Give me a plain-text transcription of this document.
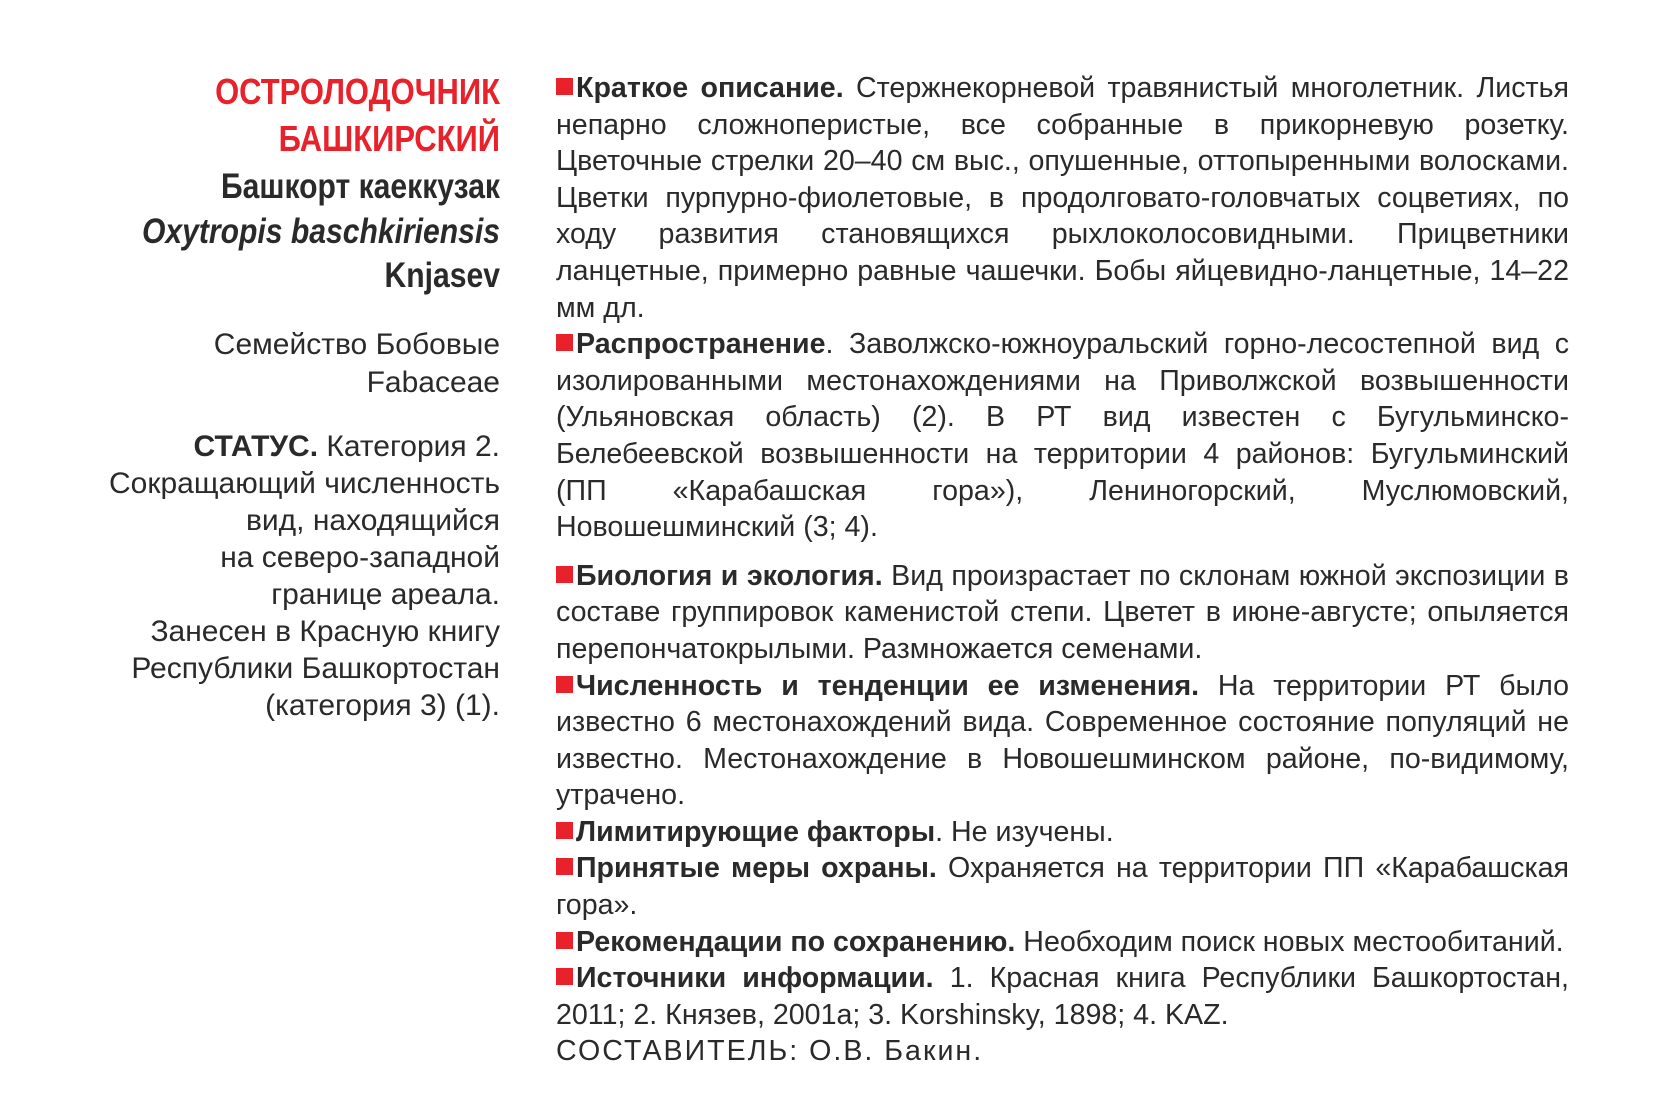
ОСТРОЛОДОЧНИК
БАШКИРСКИЙ
Башкорт каеккузак
Oxytropis baschkiriensis
Knjasev
Семейство Бобовые
Fabaceae
СТАТУС. Категория 2.
Сокращающий численность
вид, находящийся
на северо-западной
границе ареала.
Занесен в Красную книгу
Республики Башкортостан
(категория 3) (1).

Краткое описание. Стержнекорневой травянистый многолетник. Листья непарно сложноперистые, все собранные в прикорневую розетку. Цветочные стрелки 20–40 см выс., опушенные, оттопыренными волосками. Цветки пурпурно-фиолетовые, в продолговато-головчатых соцветиях, по ходу развития становящихся рыхлоколосовидными. Прицветники ланцетные, примерно равные чашечки. Бобы яйцевидно-ланцетные, 14–22 мм дл.

Распространение. Заволжско-южноуральский горно-лесостепной вид с изолированными местонахождениями на Приволжской возвышенности (Ульяновская область) (2). В РТ вид известен с Бугульминско-Белебеевской возвышенности на территории 4 районов: Бугульминский (ПП «Карабашская гора»), Лениногорский, Муслюмовский, Новошешминский (3; 4).

Биология и экология. Вид произрастает по склонам южной экспозиции в составе группировок каменистой степи. Цветет в июне-августе; опыляется перепончатокрылыми. Размножается семенами.

Численность и тенденции ее изменения. На территории РТ было известно 6 местонахождений вида. Современное состояние популяций не известно. Местонахождение в Новошешминском районе, по-видимому, утрачено.

Лимитирующие факторы. Не изучены.

Принятые меры охраны. Охраняется на территории ПП «Карабашская гора».

Рекомендации по сохранению. Необходим поиск новых местообитаний.

Источники информации. 1. Красная книга Республики Башкортостан, 2011; 2. Князев, 2001a; 3. Korshinsky, 1898; 4. KAZ.

СОСТАВИТЕЛЬ: О.В. Бакин.
